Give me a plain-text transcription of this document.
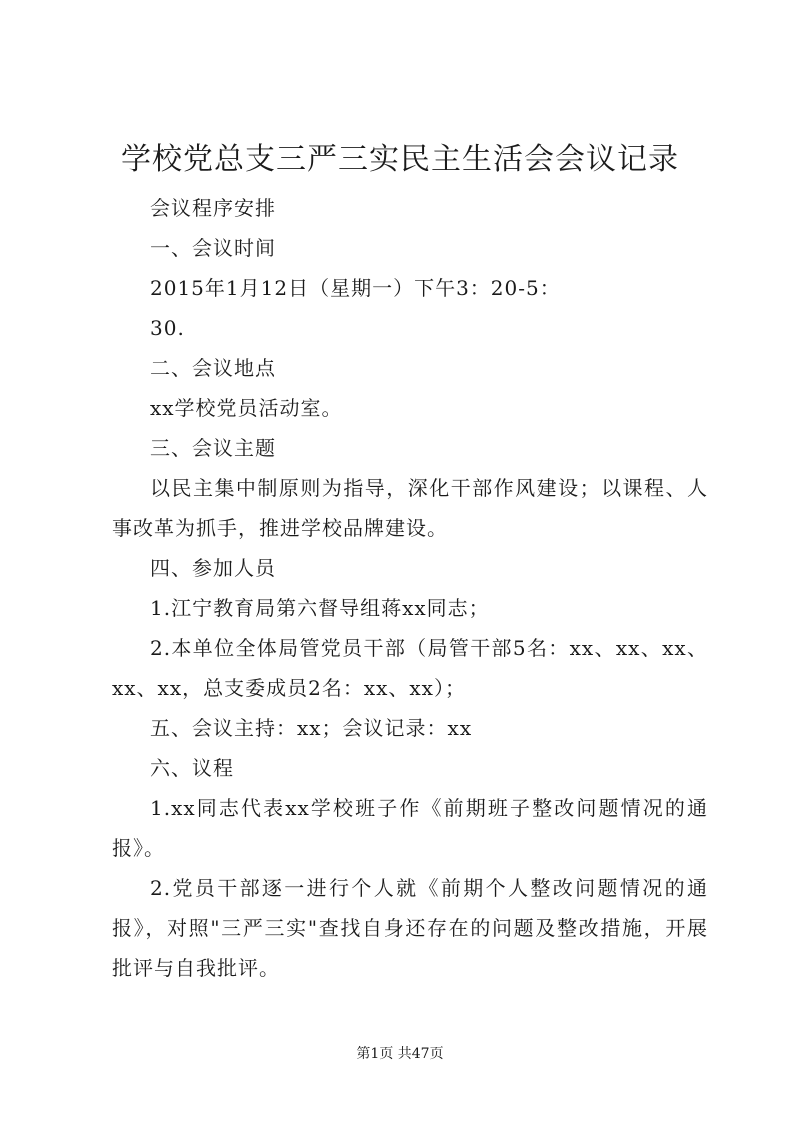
学校党总支三严三实民主生活会会议记录

会议程序安排

一、会议时间

2015年1月12日（星期一）下午3：20-5：

30.

二、会议地点

xx学校党员活动室。

三、会议主题

以民主集中制原则为指导，深化干部作风建设；以课程、人事改革为抓手，推进学校品牌建设。

四、参加人员

1.江宁教育局第六督导组蒋xx同志；

2.本单位全体局管党员干部（局管干部5名：xx、xx、xx、xx、xx，总支委成员2名：xx、xx）；

五、会议主持：xx；会议记录：xx

六、议程

1.xx同志代表xx学校班子作《前期班子整改问题情况的通报》。

2.党员干部逐一进行个人就《前期个人整改问题情况的通报》，对照"三严三实"查找自身还存在的问题及整改措施，开展批评与自我批评。

第1页 共47页
